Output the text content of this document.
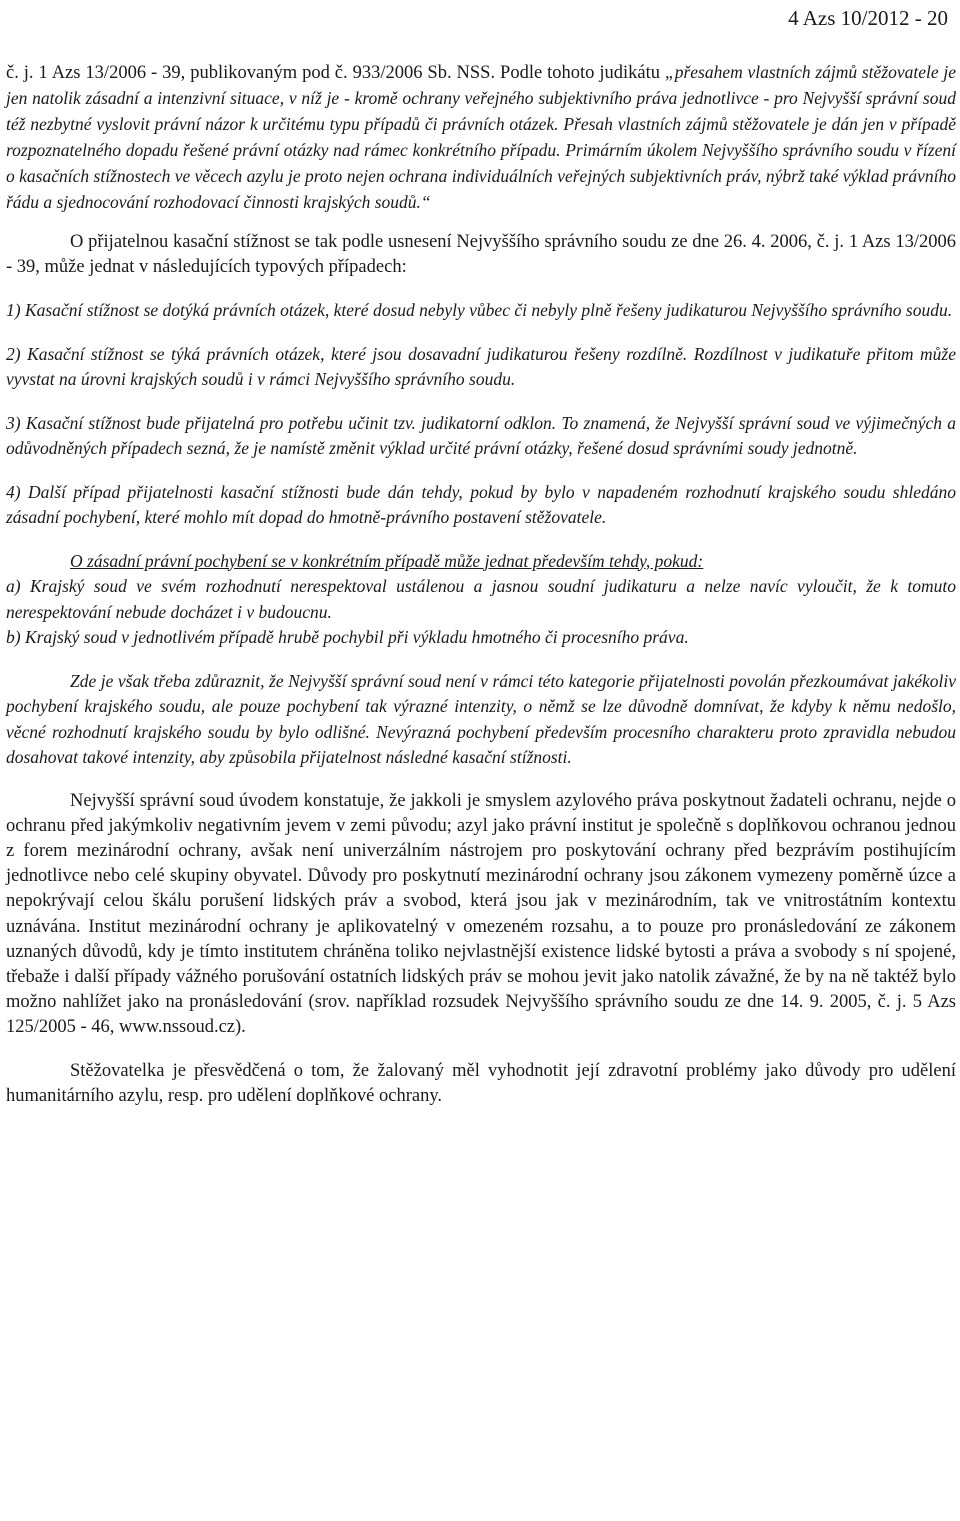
4 Azs 10/2012 - 20

č. j. 1 Azs 13/2006 - 39, publikovaným pod č. 933/2006 Sb. NSS. Podle tohoto judikátu „přesahem vlastních zájmů stěžovatele je jen natolik zásadní a intenzivní situace, v níž je - kromě ochrany veřejného subjektivního práva jednotlivce - pro Nejvyšší správní soud též nezbytné vyslovit právní názor k určitému typu případů či právních otázek. Přesah vlastních zájmů stěžovatele je dán jen v případě rozpoznatelného dopadu řešené právní otázky nad rámec konkrétního případu. Primárním úkolem Nejvyššího správního soudu v řízení o kasačních stížnostech ve věcech azylu je proto nejen ochrana individuálních veřejných subjektivních práv, nýbrž také výklad právního řádu a sjednocování rozhodovací činnosti krajských soudů.“

O přijatelnou kasační stížnost se tak podle usnesení Nejvyššího správního soudu ze dne 26. 4. 2006, č. j. 1 Azs 13/2006 - 39, může jednat v následujících typových případech:

1) Kasační stížnost se dotýká právních otázek, které dosud nebyly vůbec či nebyly plně řešeny judikaturou Nejvyššího správního soudu.

2) Kasační stížnost se týká právních otázek, které jsou dosavadní judikaturou řešeny rozdílně. Rozdílnost v judikatuře přitom může vyvstat na úrovni krajských soudů i v rámci Nejvyššího správního soudu.

3) Kasační stížnost bude přijatelná pro potřebu učinit tzv. judikatorní odklon. To znamená, že Nejvyšší správní soud ve výjimečných a odůvodněných případech sezná, že je namístě změnit výklad určité právní otázky, řešené dosud správními soudy jednotně.

4) Další případ přijatelnosti kasační stížnosti bude dán tehdy, pokud by bylo v napadeném rozhodnutí krajského soudu shledáno zásadní pochybení, které mohlo mít dopad do hmotně-právního postavení stěžovatele.

O zásadní právní pochybení se v konkrétním případě může jednat především tehdy, pokud:

a) Krajský soud ve svém rozhodnutí nerespektoval ustálenou a jasnou soudní judikaturu a nelze navíc vyloučit, že k tomuto nerespektování nebude docházet i v budoucnu.

b) Krajský soud v jednotlivém případě hrubě pochybil při výkladu hmotného či procesního práva.

Zde je však třeba zdůraznit, že Nejvyšší správní soud není v rámci této kategorie přijatelnosti povolán přezkoumávat jakékoliv pochybení krajského soudu, ale pouze pochybení tak výrazné intenzity, o němž se lze důvodně domnívat, že kdyby k němu nedošlo, věcné rozhodnutí krajského soudu by bylo odlišné. Nevýrazná pochybení především procesního charakteru proto zpravidla nebudou dosahovat takové intenzity, aby způsobila přijatelnost následné kasační stížnosti.

Nejvyšší správní soud úvodem konstatuje, že jakkoli je smyslem azylového práva poskytnout žadateli ochranu, nejde o ochranu před jakýmkoliv negativním jevem v zemi původu; azyl jako právní institut je společně s doplňkovou ochranou jednou z forem mezinárodní ochrany, avšak není univerzálním nástrojem pro poskytování ochrany před bezprávím postihujícím jednotlivce nebo celé skupiny obyvatel. Důvody pro poskytnutí mezinárodní ochrany jsou zákonem vymezeny poměrně úzce a nepokrývají celou škálu porušení lidských práv a svobod, která jsou jak v mezinárodním, tak ve vnitrostátním kontextu uznávána. Institut mezinárodní ochrany je aplikovatelný v omezeném rozsahu, a to pouze pro pronásledování ze zákonem uznaných důvodů, kdy je tímto institutem chráněna toliko nejvlastnější existence lidské bytosti a práva a svobody s ní spojené, třebaže i další případy vážného porušování ostatních lidských práv se mohou jevit jako natolik závažné, že by na ně taktéž bylo možno nahlížet jako na pronásledování (srov. například rozsudek Nejvyššího správního soudu ze dne 14. 9. 2005, č. j. 5 Azs 125/2005 - 46, www.nssoud.cz).

Stěžovatelka je přesvědčená o tom, že žalovaný měl vyhodnotit její zdravotní problémy jako důvody pro udělení humanitárního azylu, resp. pro udělení doplňkové ochrany.
